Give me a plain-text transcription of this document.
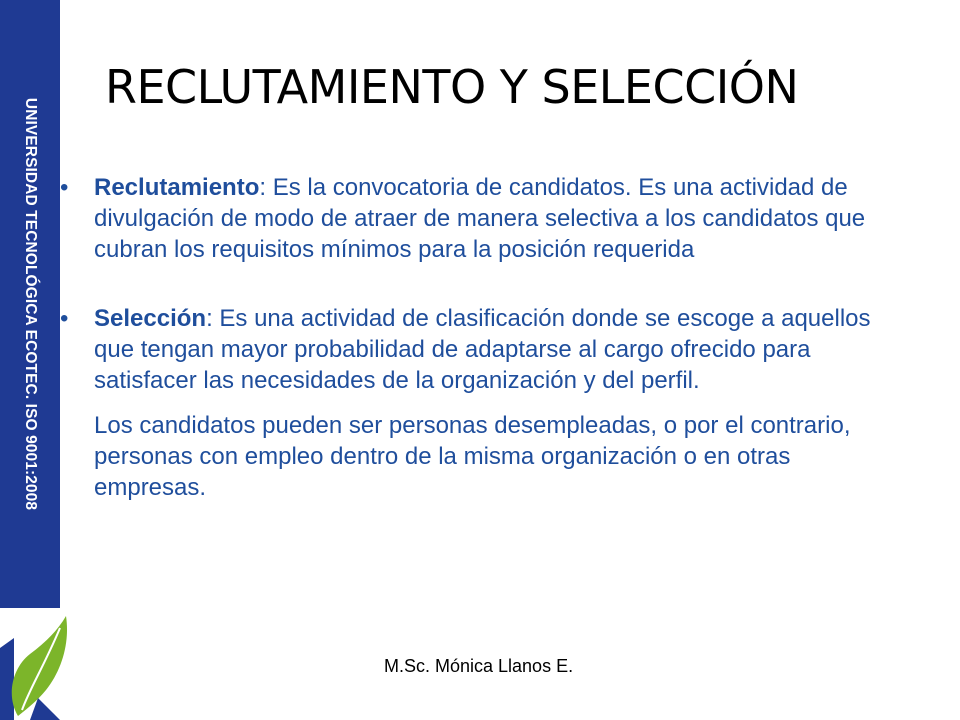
UNIVERSIDAD TECNOLÓGICA ECOTEC. ISO 9001:2008
RECLUTAMIENTO Y SELECCIÓN
• Reclutamiento: Es la convocatoria de candidatos. Es una actividad de divulgación de modo de atraer de manera selectiva a los candidatos que cubran los requisitos mínimos para la posición requerida
• Selección: Es una actividad de clasificación donde se escoge a aquellos que tengan mayor probabilidad de adaptarse al cargo ofrecido para satisfacer las necesidades de la organización y del perfil.
Los candidatos pueden ser personas desempleadas, o por el contrario, personas con empleo dentro de la misma organización o en otras empresas.
M.Sc. Mónica Llanos E.
